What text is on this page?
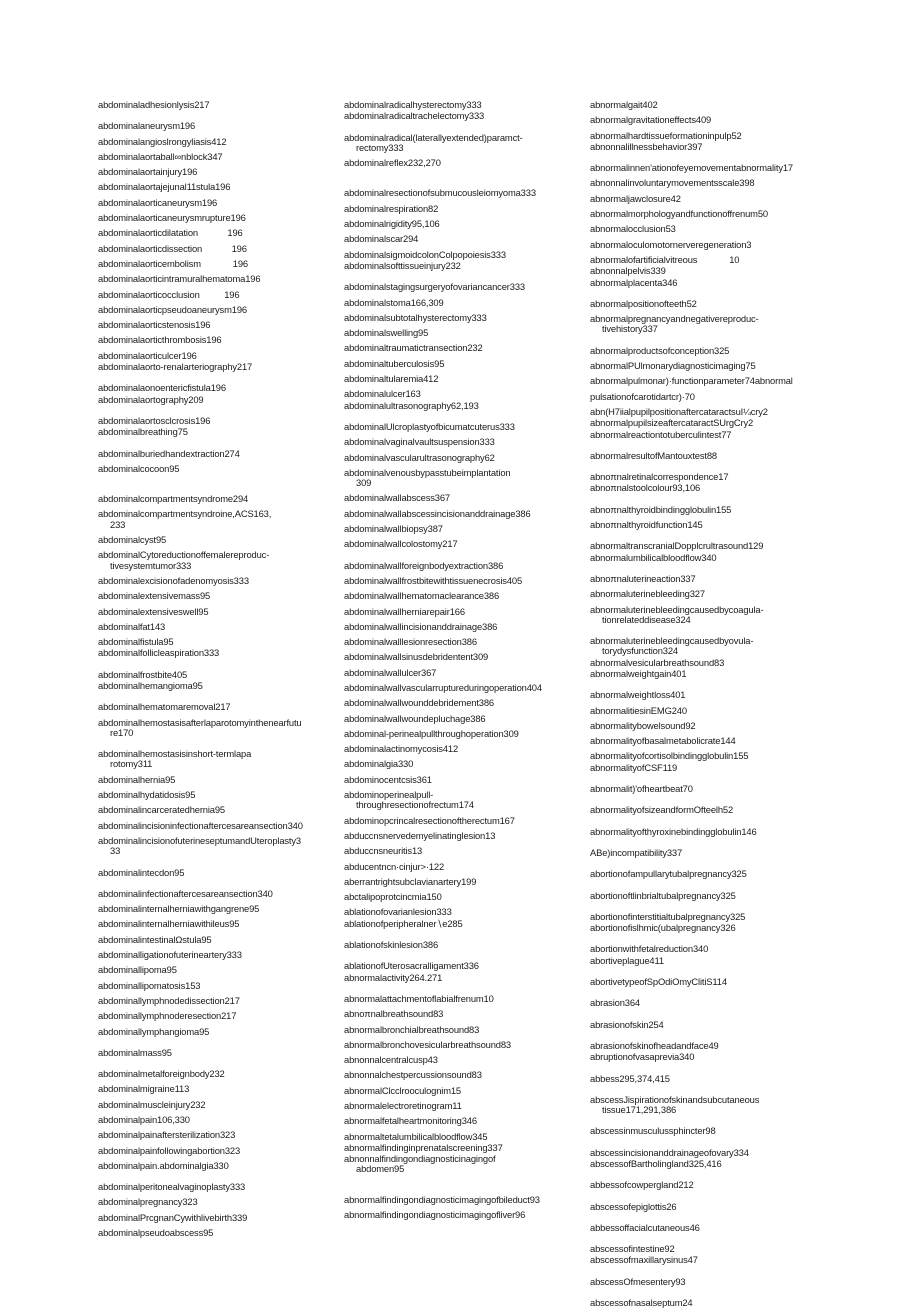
abdominaladhesionlysis217
abdominalaneurysm196
abdominalangioslrongyliasis412
abdominalaortaball∞nblock347
abdominalaortainjury196
abdominalaortajejunal11stula196
abdominalaorticaneurysm196
abdominalaorticaneurysmrupture196
abdominalaorticdilatation            196
abdominalaorticdissection            196
abdominalaorticembolism             196
abdominalaorticintramuralhematoma196
abdominalaorticocclusion          196
abdominalaorticpseudoaneurysm196
abdominalaorticstenosis196
abdominalaorticthrombosis196
abdominalaorticulcer196
abdominalaorto-renalarteriography217
abdominalaonoentericfistula196
abdominalaortography209
abdominalaortosclcrosis196
abdominalbreathing75
abdominalburiedhandextraction274
abdominalcocoon95
abdominalcompartmentsyndrome294
abdominalcompartmentsyndroine,ACS163,
233
abdominalcyst95
abdominalCytoreductionoffemalereproduc-
tivesystemtumor333
abdominalexcisionofadenomyosis333
abdominalextensivemass95
abdominalextensiveswell95
abdominalfat143
abdominalfistula95
abdominalfollicleaspiration333
abdominalfrostbite405
abdominalhemangioma95
abdominalhematomaremoval217
abdominalhemostasisafterlaparotomyinthenearfutu
re170
abdominalhemostasisinshort-termlapa
rotomy311
abdominalhernia95
abdominalhydatidosis95
abdominalincarceratedhernia95
abdominalincisioninfectionaftercesareansection340
abdominalincisionofuterineseptumandUteroplasty3
33
abdominalintecdon95
abdominalinfectionaftercesareansection340
abdominalinternalherniawithgangrene95
abdominalinternalherniawithileus95
abdominalintestinalΩstula95
abdominalligationofuterineartery333
abdominallipoma95
abdominallipomatosis153
abdominallymphnodedissection217
abdominallymphnoderesection217
abdominallymphangioma95
abdominalmass95
abdominalmetalforeignbody232
abdominalmigraine113
abdominalmuscleinjury232
abdominalpain106,330
abdominalpainaftersterilization323
abdominalpainfollowingabortion323
abdominalpain.abdominalgia330
abdominalperitonealvaginoplasty333
abdominalpregnancy323
abdominalPrcgnanCywithlivebirth339
abdominalpseudoabscess95
abdominalradicalhysterectomy333
abdominalradicaltrachelectomy333
abdominalradical(laterallyextended)paramct-
rectomy333
abdominalreflex232,270
abdominalresectionofsubmucousleiomyoma333
abdominalrespiration82
abdominalrigidity95,106
abdominalscar294
abdominalsigmoidcolonColpopoiesis333
abdominalsofttissueinjury232
abdominalstagingsurgeryofovariancancer333
abdominalstoma166,309
abdominalsubtotalhysterectomy333
abdominalswelling95
abdominaltraumatictransection232
abdominaltuberculosis95
abdominaltularemia412
abdominalulcer163
abdominalultrasonography62,193
abdominalUlcroplastyofbicumatcuterus333
abdominalvaginalvaultsuspension333
abdominalvascularultrasonography62
abdominalvenousbypasstubeimplantation
309
abdominalwallabscess367
abdominalwallabscessincisionanddrainage386
abdominalwallbiopsy387
abdominalwallcolostomy217
abdominalwallforeignbodyextraction386
abdominalwallfrostbitewithtissuenecrosis405
abdominalwallhematomaclearance386
abdominalwallherniarepair166
abdominalwallincisionanddrainage386
abdominalwalllesionresection386
abdominalwallsinusdebridentent309
abdominalwallulcer367
abdominalwallvascularruptureduringoperation404
abdominalwallwounddebridement386
abdominalwallwoundepluchage386
abdominal-perinealpullthroughoperation309
abdominalactinomycosis412
abdominalgia330
abdominocentcsis361
abdominoperinealpull-
throughresectionofrectum174
abdominopcrincalresectionoftherectum167
abduccnsnervedemyelinatinglesion13
abduccnsneuritis13
abducentncn·cinjur>·122
aberrantrightsubclavianartery199
abctalipoprotcincmia150
ablationofovarianlesion333
ablationofperipheralner∖e285
ablationofskinlesion386
ablationofUterosacralligament336
abnormalactivity264.271
abnormalattachmentoflabialfrenum10
abnoπnalbreathsound83
abnormalbronchialbreathsound83
abnormalbronchovesicularbreathsound83
abnonnalcentralcusp43
abnonnalchestpercussionsound83
abnormalClcclrooculognim15
abnormalelectroretinogram11
abnormalfetalheartmonitoring346
abnormaltetalumbilicalbloodflow345
abnormalfindinginprenatalscreening337
abnonnalfindingondiagnosticinagingof
abdomen95
abnormalfindingondiagnosticimagingofbileduct93
abnormalfindingondiagnosticimagingofliver96
abnormalgait402
abnormalgravitationeffects409
abnormalhardtissueformationinpulp52
abnonnalillnessbehavior397
abnormalinnen'ationofeyemovementabnormality17
abnonnalinvoluntarymovementsscale398
abnormaljawclosure42
abnormalmorphologyandfunctionoffrenum50
abnormalocclusion53
abnormaloculomotornerveregeneration3
abnormalofartificialvitreous             10
abnonnalpelvis339
abnormalplacenta346
abnormalpositionofteeth52
abnormalpregnancyandnegativereproduc-
tivehistory337
abnormalproductsofconception325
abnormalPUlmonarydiagnosticimaging75
abnormalpulmonar)·functionparameter74abnormal
pulsationofcarotidartcr)·70
abn(H7iialpupilpositionaftercataractsuI¼cry2
abnormalpupilsizeaftercataractSUrgCry2
abnormalreactiontotuberculintest77
abnormalresultofMantouxtest88
abnoπnalretinalcorrespondence17
abnoπnalstoolcolour93,106
abnoπnalthyroidbindingglobulin155
abnoπnalthyroidfunction145
abnormaltranscranialDopplcrultrasound129
abnormalumbilicalbloodflow340
abnoπnaluterineaction337
abnormaluterinebleeding327
abnormaluterinebleedingcausedbycoagula-
tionrelateddisease324
abnormaluterinebleedingcausedbyovula-
torydysfunction324
abnormalvesicularbreathsound83
abnormalweightgain401
abnormalweightloss401
abnormalitiesinEMG240
abnormalitybowelsound92
abnormalityofbasalmetabolicrate144
abnormalityofcortisolbindingglobulin155
abnormalityofCSF119
abnormalit)'ofheartbeat70
abnormalityofsizeandformOfteelh52
abnormalityofthyroxinebindingglobulin146
ABe)incompatibility337
abortionofampullarytubalpregnancy325
abortionoftlinbrialtubalpregnancy325
abortionofinterstitialtubalpregnancy325
abortionofislhmic(ubalpregnancy326
abortionwithfetalreduction340
abortiveplague411
abortivetypeofSpOdiOmyClitiS114
abrasion364
abrasionofskin254
abrasionofskinofheadandface49
abruptionofvasaprevia340
abbess295,374,415
abscessJispirationofskinandsubcutaneous
tissue171,291,386
abscessinmusculussphincter98
abscessincisionanddrainageofovary334
abscessofBartholingland325,416
abbessofcowpergland212
abscessofepiglottis26
abbessoffacialcutaneous46
abscessofintestine92
abscessofmaxillarysinus47
abscessOfmesentery93
abscessofnasalseptum24
